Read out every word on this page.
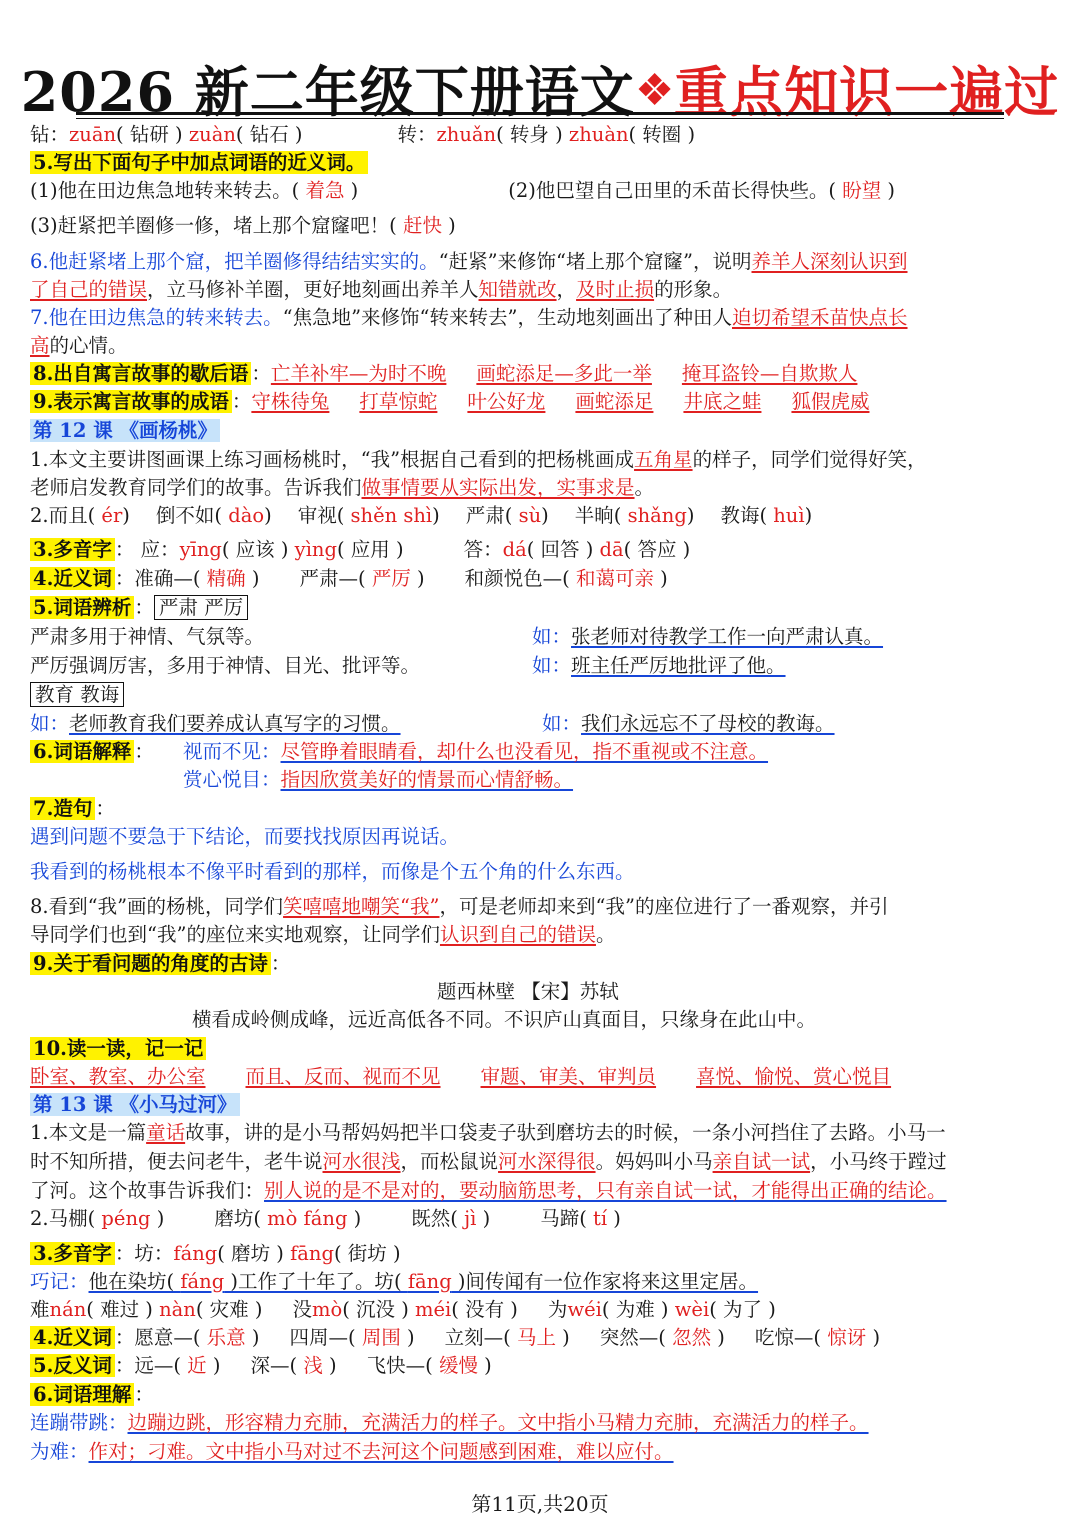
2026 新二年级下册语文❖重点知识一遍过
钻：zuān( 钻研 ) zuàn( 钻石 )	转：zhuǎn( 转身 ) zhuàn( 转圈 )
5.写出下面句子中加点词语的近义词。
(1)他在田边焦急地转来转去。( 着急 )	(2)他巴望自己田里的禾苗长得快些。( 盼望 )
(3)赶紧把羊圈修一修，堵上那个窟窿吧！( 赶快 )
6.他赶紧堵上那个窟，把羊圈修得结结实实的。“赶紧”来修饰“堵上那个窟窿”，说明养羊人深刻认识到
了自己的错误，立马修补羊圈，更好地刻画出养羊人知错就改，及时止损的形象。
7.他在田边焦急的转来转去。“焦急地”来修饰“转来转去”，生动地刻画出了种田人迫切希望禾苗快点长
高的心情。
8.出自寓言故事的歇后语 ：亡羊补牢—为时不晚 画蛇添足—多此一举 掩耳盗铃—自欺欺人
9.表示寓言故事的成语 ：守株待兔 打草惊蛇 叶公好龙 画蛇添足 井底之蛙 狐假虎威
第 12 课 《画杨桃》
1.本文主要讲图画课上练习画杨桃时，“我”根据自己看到的把杨桃画成五角星的样子，同学们觉得好笑，
老师启发教育同学们的故事。告诉我们做事情要从实际出发，实事求是。
2.而且( ér) 倒不如( dào) 审视( shěn shì) 严肃( sù) 半晌( shǎng) 教诲( huì)
3.多音字 ： 应：yīng( 应该 ) yìng( 应用 )	答：dá( 回答 ) dā( 答应 )
4.近义词 ：准确—( 精确 ) 严肃—( 严厉 ) 和颜悦色—( 和蔼可亲 )
5.词语辨析 ： 严肃 严厉
严肃多用于神情、气氛等。	如：张老师对待教学工作一向严肃认真。
严厉强调厉害，多用于神情、目光、批评等。	如：班主任严厉地批评了他。
教育 教诲
如：老师教育我们要养成认真写字的习惯。	如：我们永远忘不了母校的教诲。
6.词语解释 ： 视而不见：尽管睁着眼睛看，却什么也没看见，指不重视或不注意。
赏心悦目：指因欣赏美好的情景而心情舒畅。
7.造句 ：
遇到问题不要急于下结论，而要找找原因再说话。
我看到的杨桃根本不像平时看到的那样，而像是个五个角的什么东西。
8.看到“我”画的杨桃，同学们笑嘻嘻地嘲笑“我”，可是老师却来到“我”的座位进行了一番观察，并引
导同学们也到“我”的座位来实地观察，让同学们认识到自己的错误。
9.关于看问题的角度的古诗 ：
题西林壁 【宋】苏轼
横看成岭侧成峰，远近高低各不同。不识庐山真面目，只缘身在此山中。
10.读一读，记一记
卧室、教室、办公室 而且、反而、视而不见 审题、审美、审判员 喜悦、愉悦、赏心悦目
第 13 课 《小马过河》
1.本文是一篇童话故事，讲的是小马帮妈妈把半口袋麦子驮到磨坊去的时候，一条小河挡住了去路。小马一
时不知所措，便去问老牛，老牛说河水很浅，而松鼠说河水深得很。妈妈叫小马亲自试一试，小马终于蹚过
了河。这个故事告诉我们：别人说的是不是对的，要动脑筋思考，只有亲自试一试，才能得出正确的结论。
2.马棚( péng )	磨坊( mò fáng )	既然( jì )	马蹄( tí )
3.多音字 ：坊：fáng( 磨坊 ) fāng( 街坊 )
巧记：他在染坊( fáng )工作了十年了。坊( fāng )间传闻有一位作家将来这里定居。
难nán( 难过 ) nàn( 灾难 ) 没mò( 沉没 ) méi( 没有 ) 为wéi( 为难 ) wèi( 为了 )
4.近义词 ：愿意—( 乐意 ) 四周—( 周围 ) 立刻—( 马上 ) 突然—( 忽然 ) 吃惊—( 惊讶 )
5.反义词 ：远—( 近 ) 深—( 浅 ) 飞快—( 缓慢 )
6.词语理解 ：
连蹦带跳：边蹦边跳，形容精力充肺，充满活力的样子。文中指小马精力充肺，充满活力的样子。
为难：作对；刁难。文中指小马对过不去河这个问题感到困难，难以应付。
第11页,共20页
